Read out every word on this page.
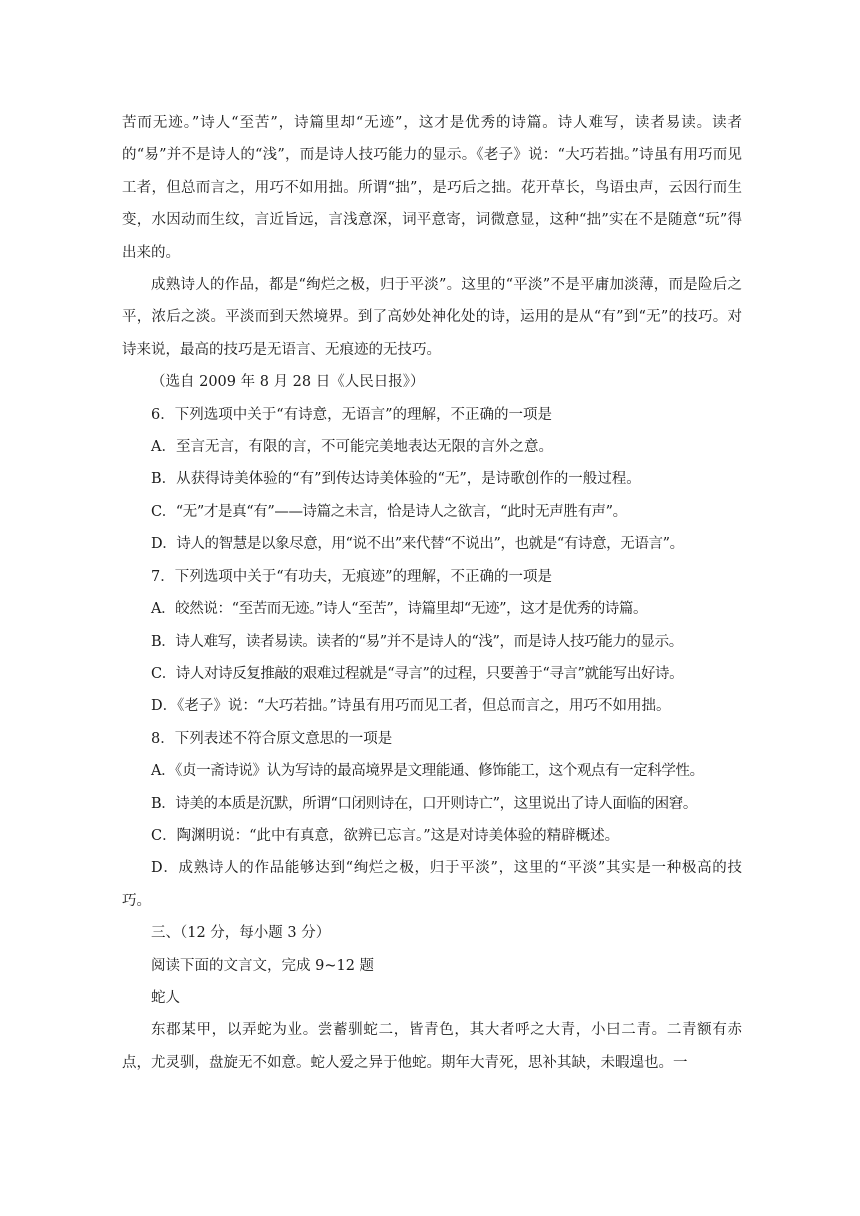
苦而无迹。”诗人“至苦”，诗篇里却“无迹”，这才是优秀的诗篇。诗人难写，读者易读。读者的“易”并不是诗人的“浅”，而是诗人技巧能力的显示。《老子》说：“大巧若拙。”诗虽有用巧而见工者，但总而言之，用巧不如用拙。所谓“拙”，是巧后之拙。花开草长，鸟语虫声，云因行而生变，水因动而生纹，言近旨远，言浅意深，词平意寄，词微意显，这种“拙”实在不是随意“玩”得出来的。

成熟诗人的作品，都是“绚烂之极，归于平淡”。这里的“平淡”不是平庸加淡薄，而是险后之平，浓后之淡。平淡而到天然境界。到了高妙处神化处的诗，运用的是从“有”到“无”的技巧。对诗来说，最高的技巧是无语言、无痕迹的无技巧。

（选自 2009 年 8 月 28 日《人民日报》）

6．下列选项中关于“有诗意，无语言”的理解，不正确的一项是

A．至言无言，有限的言，不可能完美地表达无限的言外之意。

B．从获得诗美体验的“有”到传达诗美体验的“无”，是诗歌创作的一般过程。

C．“无”才是真“有”——诗篇之未言，恰是诗人之欲言，“此时无声胜有声”。

D．诗人的智慧是以象尽意，用“说不出”来代替“不说出”，也就是“有诗意，无语言”。

7．下列选项中关于“有功夫，无痕迹”的理解，不正确的一项是

A．皎然说：“至苦而无迹。”诗人“至苦”，诗篇里却“无迹”，这才是优秀的诗篇。

B．诗人难写，读者易读。读者的“易”并不是诗人的“浅”，而是诗人技巧能力的显示。

C．诗人对诗反复推敲的艰难过程就是“寻言”的过程，只要善于“寻言”就能写出好诗。

D．《老子》说：“大巧若拙。”诗虽有用巧而见工者，但总而言之，用巧不如用拙。

8．下列表述不符合原文意思的一项是

A．《贞一斋诗说》认为写诗的最高境界是文理能通、修饰能工，这个观点有一定科学性。

B．诗美的本质是沉默，所谓“口闭则诗在，口开则诗亡”，这里说出了诗人面临的困窘。

C．陶渊明说：“此中有真意，欲辨已忘言。”这是对诗美体验的精辟概述。

D．成熟诗人的作品能够达到“绚烂之极，归于平淡”，这里的“平淡”其实是一种极高的技巧。

三、（12 分，每小题 3 分）

阅读下面的文言文，完成 9~12 题

蛇人

东郡某甲，以弄蛇为业。尝蓄驯蛇二，皆青色，其大者呼之大青，小曰二青。二青额有赤点，尤灵驯，盘旋无不如意。蛇人爱之异于他蛇。期年大青死，思补其缺，未暇遑也。一
